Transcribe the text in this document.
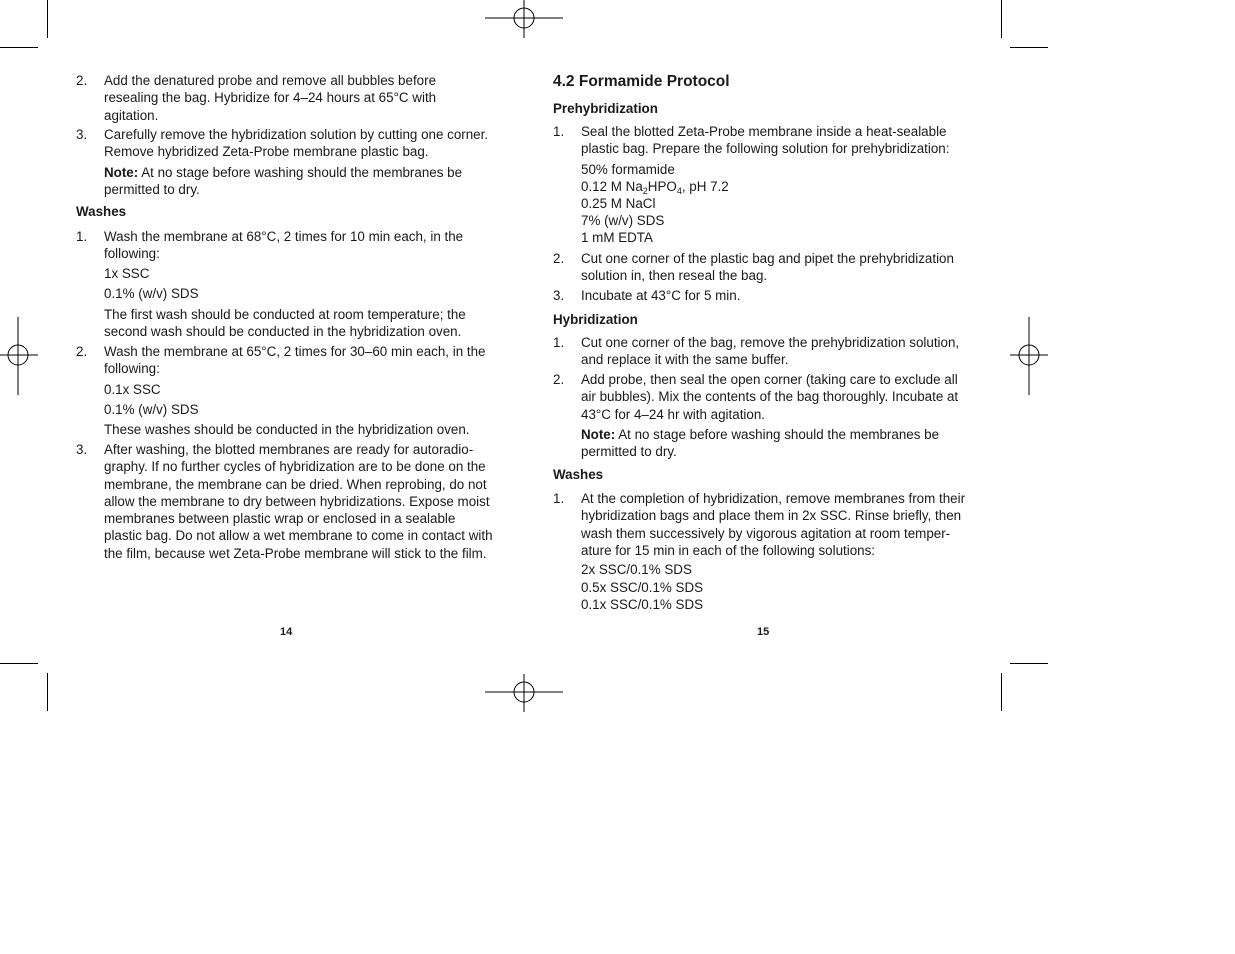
2. Add the denatured probe and remove all bubbles before resealing the bag. Hybridize for 4–24 hours at 65°C with agitation.
3. Carefully remove the hybridization solution by cutting one corner. Remove hybridized Zeta-Probe membrane plastic bag.
Note: At no stage before washing should the membranes be permitted to dry.
Washes
1. Wash the membrane at 68°C, 2 times for 10 min each, in the following:
1x SSC
0.1% (w/v) SDS
The first wash should be conducted at room temperature; the second wash should be conducted in the hybridization oven.
2. Wash the membrane at 65°C, 2 times for 30–60 min each, in the following:
0.1x SSC
0.1% (w/v) SDS
These washes should be conducted in the hybridization oven.
3. After washing, the blotted membranes are ready for autoradio-graphy. If no further cycles of hybridization are to be done on the membrane, the membrane can be dried. When reprobing, do not allow the membrane to dry between hybridizations. Expose moist membranes between plastic wrap or enclosed in a sealable plastic bag. Do not allow a wet membrane to come in contact with the film, because wet Zeta-Probe membrane will stick to the film.
14
4.2 Formamide Protocol
Prehybridization
1. Seal the blotted Zeta-Probe membrane inside a heat-sealable plastic bag. Prepare the following solution for prehybridization:
50% formamide
0.12 M $Na_2HPO_4$, pH 7.2
0.25 M NaCl
7% (w/v) SDS
1 mM EDTA
2. Cut one corner of the plastic bag and pipet the prehybridization solution in, then reseal the bag.
3. Incubate at 43°C for 5 min.
Hybridization
1. Cut one corner of the bag, remove the prehybridization solution, and replace it with the same buffer.
2. Add probe, then seal the open corner (taking care to exclude all air bubbles). Mix the contents of the bag thoroughly. Incubate at 43°C for 4–24 hr with agitation.
Note: At no stage before washing should the membranes be permitted to dry.
Washes
1. At the completion of hybridization, remove membranes from their hybridization bags and place them in 2x SSC. Rinse briefly, then wash them successively by vigorous agitation at room temper-ature for 15 min in each of the following solutions:
2x SSC/0.1% SDS
0.5x SSC/0.1% SDS
0.1x SSC/0.1% SDS
15
